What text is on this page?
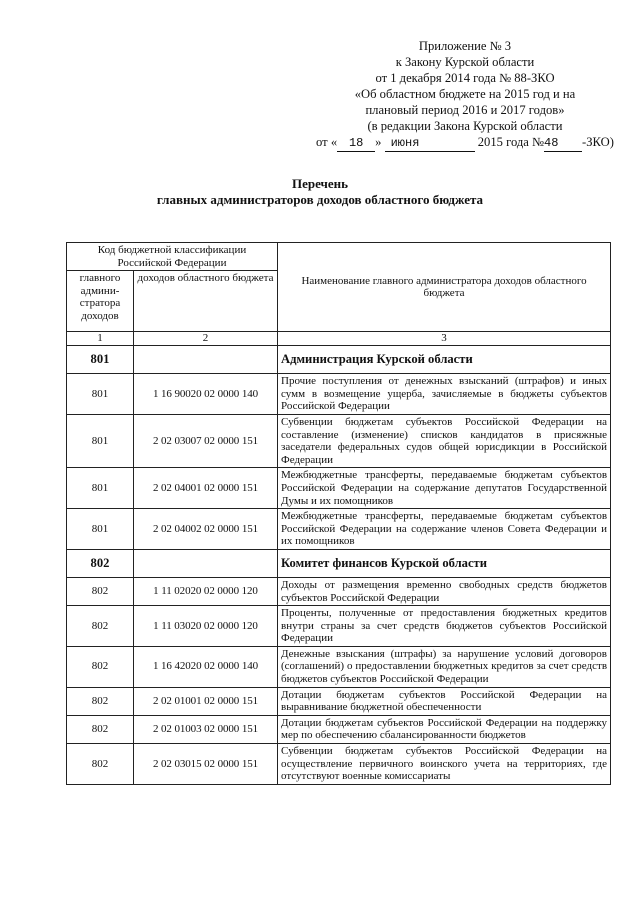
Приложение № 3
к Закону Курской области
от 1 декабря 2014 года № 88-ЗКО
«Об областном бюджете на 2015 год и на
плановый период 2016 и 2017 годов»
(в редакции Закона Курской области
от « 18 » июня	2015 года №48 -ЗКО)
Перечень
главных администраторов доходов областного бюджета
Код бюджетной классификации Российской Федерации		Наименование главного администратора доходов областного бюджета
главного админи-стратора доходов	доходов областного бюджета	
1	2	3
801		Администрация Курской области
801	1 16 90020 02 0000 140	Прочие поступления от денежных взысканий (штрафов) и иных сумм в возмещение ущерба, зачисляемые в бюджеты субъектов Российской Федерации
801	2 02 03007 02 0000 151	Субвенции бюджетам субъектов Российской Федерации на составление (изменение) списков кандидатов в присяжные заседатели федеральных судов общей юрисдикции в Российской Федерации
801	2 02 04001 02 0000 151	Межбюджетные трансферты, передаваемые бюджетам субъектов Российской Федерации на содержание депутатов Государственной Думы и их помощников
801	2 02 04002 02 0000 151	Межбюджетные трансферты, передаваемые бюджетам субъектов Российской Федерации на содержание членов Совета Федерации и их помощников
802		Комитет финансов Курской области
802	1 11 02020 02 0000 120	Доходы от размещения временно свободных средств бюджетов субъектов Российской Федерации
802	1 11 03020 02 0000 120	Проценты, полученные от предоставления бюджетных кредитов внутри страны за счет средств бюджетов субъектов Российской Федерации
802	1 16 42020 02 0000 140	Денежные взыскания (штрафы) за нарушение условий договоров (соглашений) о предоставлении бюджетных кредитов за счет средств бюджетов субъектов Российской Федерации
802	2 02 01001 02 0000 151	Дотации бюджетам субъектов Российской Федерации на выравнивание бюджетной обеспеченности
802	2 02 01003 02 0000 151	Дотации бюджетам субъектов Российской Федерации на поддержку мер по обеспечению сбалансированности бюджетов
802	2 02 03015 02 0000 151	Субвенции бюджетам субъектов Российской Федерации на осуществление первичного воинского учета на территориях, где отсутствуют военные комиссариаты
